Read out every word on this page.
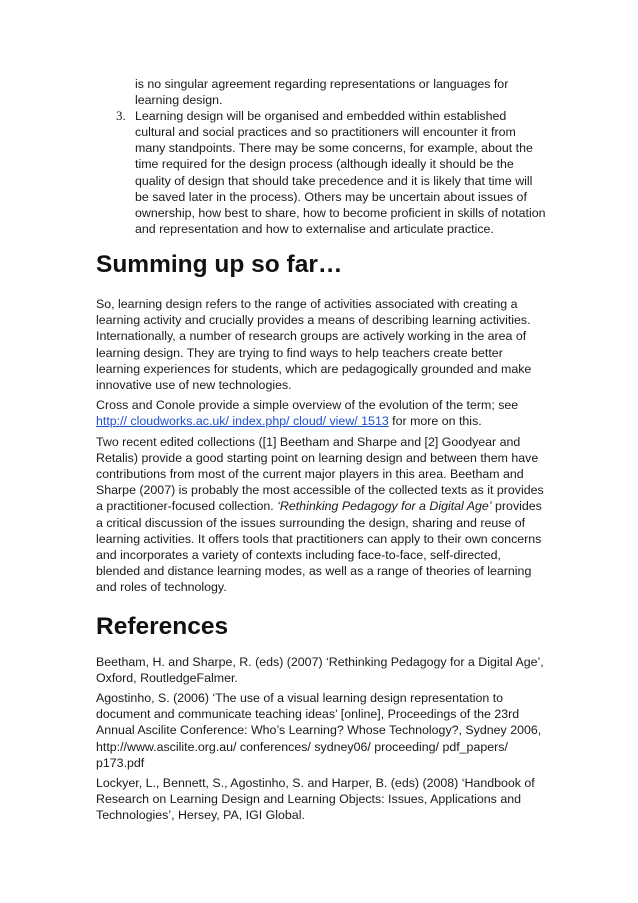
is no singular agreement regarding representations or languages for learning design.
3. Learning design will be organised and embedded within established cultural and social practices and so practitioners will encounter it from many standpoints. There may be some concerns, for example, about the time required for the design process (although ideally it should be the quality of design that should take precedence and it is likely that time will be saved later in the process). Others may be uncertain about issues of ownership, how best to share, how to become proficient in skills of notation and representation and how to externalise and articulate practice.
Summing up so far…

So, learning design refers to the range of activities associated with creating a learning activity and crucially provides a means of describing learning activities. Internationally, a number of research groups are actively working in the area of learning design. They are trying to find ways to help teachers create better learning experiences for students, which are pedagogically grounded and make innovative use of new technologies.

Cross and Conole provide a simple overview of the evolution of the term; see http:// cloudworks.ac.uk/ index.php/ cloud/ view/ 1513 for more on this.

Two recent edited collections ([1] Beetham and Sharpe and [2] Goodyear and Retalis) provide a good starting point on learning design and between them have contributions from most of the current major players in this area. Beetham and Sharpe (2007) is probably the most accessible of the collected texts as it provides a practitioner-focused collection. ‘Rethinking Pedagogy for a Digital Age’ provides a critical discussion of the issues surrounding the design, sharing and reuse of learning activities. It offers tools that practitioners can apply to their own concerns and incorporates a variety of contexts including face-to-face, self-directed, blended and distance learning modes, as well as a range of theories of learning and roles of technology.

References

Beetham, H. and Sharpe, R. (eds) (2007) ‘Rethinking Pedagogy for a Digital Age’, Oxford, RoutledgeFalmer.

Agostinho, S. (2006) ‘The use of a visual learning design representation to document and communicate teaching ideas’ [online], Proceedings of the 23rd Annual Ascilite Conference: Who’s Learning? Whose Technology?, Sydney 2006, http://www.ascilite.org.au/ conferences/ sydney06/ proceeding/ pdf_papers/ p173.pdf

Lockyer, L., Bennett, S., Agostinho, S. and Harper, B. (eds) (2008) ‘Handbook of Research on Learning Design and Learning Objects: Issues, Applications and Technologies’, Hersey, PA, IGI Global.
